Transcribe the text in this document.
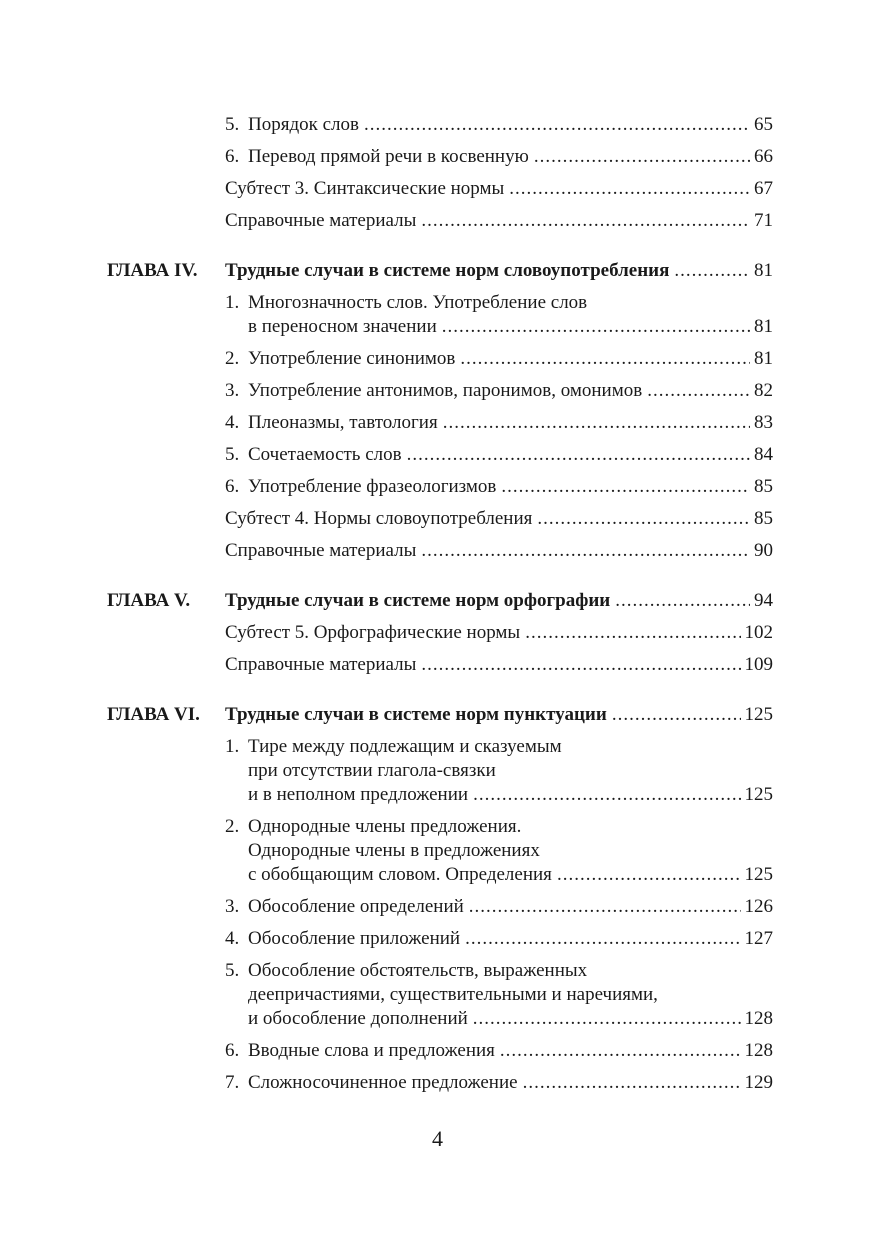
5. Порядок слов .....	65
6. Перевод прямой речи в косвенную .....	66
Субтест 3. Синтаксические нормы .....	67
Справочные материалы .....	71
ГЛАВА IV. Трудные случаи в системе норм словоупотребления .....	81
1. Многозначность слов. Употребление слов
в переносном значении .....	81
2. Употребление синонимов .....	81
3. Употребление антонимов, паронимов, омонимов .....	82
4. Плеоназмы, тавтология .....	83
5. Сочетаемость слов .....	84
6. Употребление фразеологизмов .....	85
Субтест 4. Нормы словоупотребления .....	85
Справочные материалы .....	90
ГЛАВА V. Трудные случаи в системе норм орфографии .....	94
Субтест 5. Орфографические нормы .....	102
Справочные материалы .....	109
ГЛАВА VI. Трудные случаи в системе норм пунктуации .....	125
1. Тире между подлежащим и сказуемым
при отсутствии глагола-связки
и в неполном предложении .....	125
2. Однородные члены предложения.
Однородные члены в предложениях
с обобщающим словом. Определения .....	125
3. Обособление определений .....	126
4. Обособление приложений .....	127
5. Обособление обстоятельств, выраженных
деепричастиями, существительными и наречиями,
и обособление дополнений .....	128
6. Вводные слова и предложения .....	128
7. Сложносочиненное предложение .....	129
4
